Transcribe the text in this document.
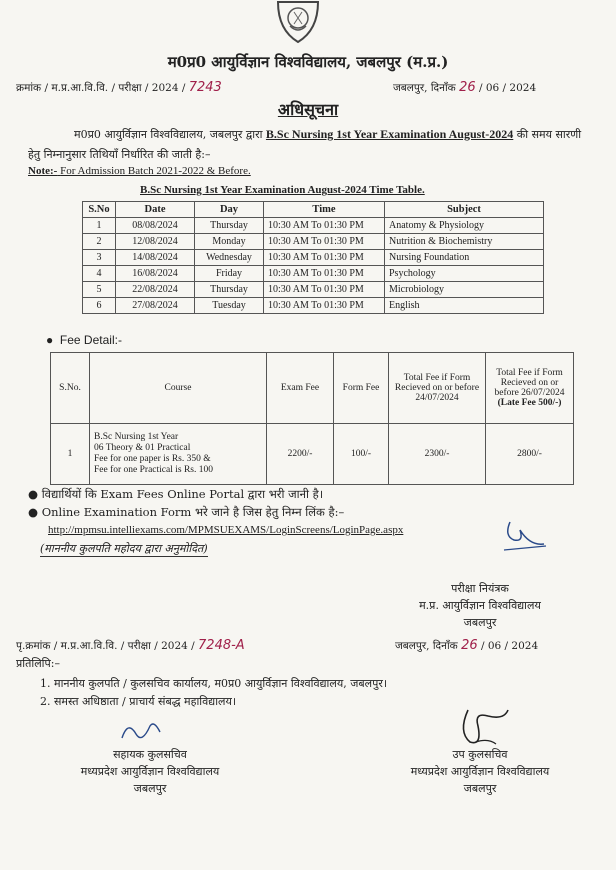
म0प्र0 आयुर्विज्ञान विश्वविद्यालय, जबलपुर (म.प्र.)
क्रमांक / म.प्र.आ.वि.वि. / परीक्षा / 2024 / 7243	जबलपुर, दिनाँक 26 / 06 / 2024
अधिसूचना
म0प्र0 आयुर्विज्ञान विश्वविद्यालय, जबलपुर द्वारा B.Sc Nursing 1st Year Examination August-2024 की समय सारणी हेतु निम्नानुसार तिथियाँ निर्धारित की जाती है:–
Note:- For Admission Batch 2021-2022 & Before.
B.Sc Nursing 1st Year Examination August-2024 Time Table.
S.No	Date	Day	Time	Subject
1	08/08/2024	Thursday	10:30 AM To 01:30 PM	Anatomy & Physiology
2	12/08/2024	Monday	10:30 AM To 01:30 PM	Nutrition & Biochemistry
3	14/08/2024	Wednesday	10:30 AM To 01:30 PM	Nursing Foundation
4	16/08/2024	Friday	10:30 AM To 01:30 PM	Psychology
5	22/08/2024	Thursday	10:30 AM To 01:30 PM	Microbiology
6	27/08/2024	Tuesday	10:30 AM To 01:30 PM	English
● Fee Detail:-
S.No.	Course	Exam Fee	Form Fee	Total Fee if Form Recieved on or before 24/07/2024	Total Fee if Form Recieved on or before 26/07/2024
(Late Fee 500/-)
1	B.Sc Nursing 1st Year
06 Theory & 01 Practical
Fee for one paper is Rs. 350 &
Fee for one Practical is Rs. 100	2200/-	100/-	2300/-	2800/-
● विद्यार्थियों कि Exam Fees Online Portal द्वारा भरी जानी है।
● Online Examination Form भरे जाने है जिस हेतु निम्न लिंक है:–
http://mpmsu.intelliexams.com/MPMSUEXAMS/LoginScreens/LoginPage.aspx
(माननीय कुलपति महोदय द्वारा अनुमोदित)
परीक्षा नियंत्रक
म.प्र. आयुर्विज्ञान विश्वविद्यालय
जबलपुर
पृ.क्रमांक / म.प्र.आ.वि.वि. / परीक्षा / 2024 / 7248-A	जबलपुर, दिनाँक 26 / 06 / 2024
प्रतिलिपि:–
1. माननीय कुलपति / कुलसचिव कार्यालय, म0प्र0 आयुर्विज्ञान विश्वविद्यालय, जबलपुर।
2. समस्त अधिष्ठाता / प्राचार्य संबद्ध महाविद्यालय।
सहायक कुलसचिव
मध्यप्रदेश आयुर्विज्ञान विश्वविद्यालय
जबलपुर
उप कुलसचिव
मध्यप्रदेश आयुर्विज्ञान विश्वविद्यालय
जबलपुर
